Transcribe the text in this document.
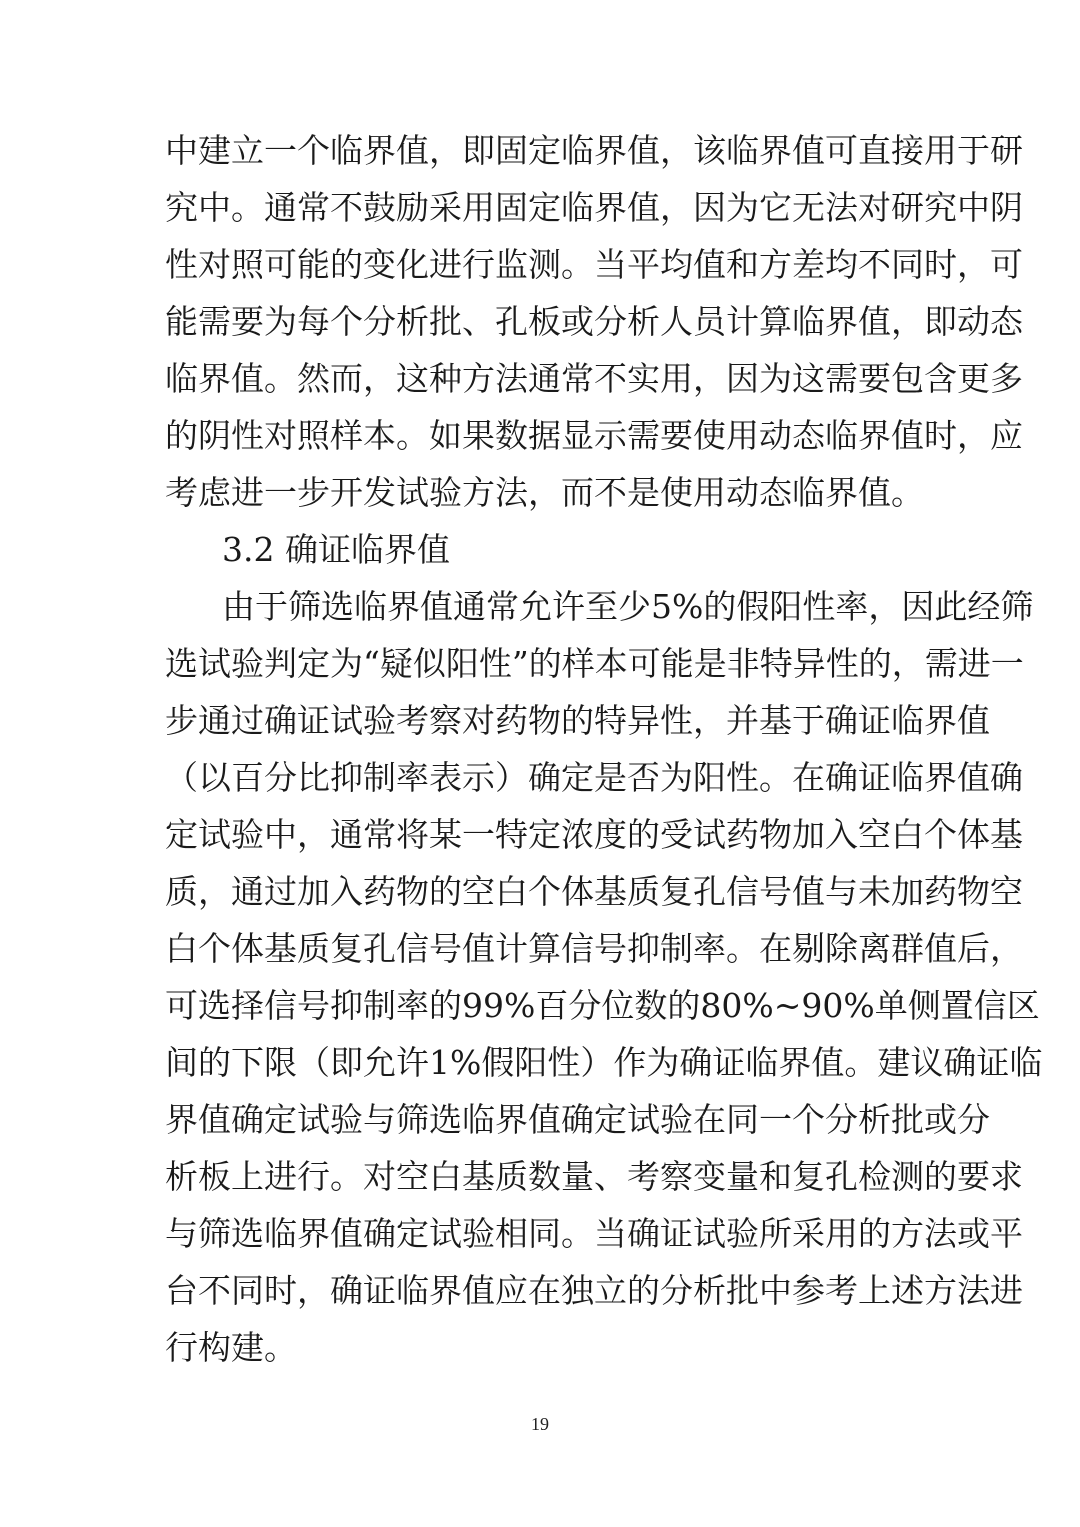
中建立一个临界值，即固定临界值，该临界值可直接用于研
究中。通常不鼓励采用固定临界值，因为它无法对研究中阴
性对照可能的变化进行监测。当平均值和方差均不同时，可
能需要为每个分析批、孔板或分析人员计算临界值，即动态
临界值。然而，这种方法通常不实用，因为这需要包含更多
的阴性对照样本。如果数据显示需要使用动态临界值时，应
考虑进一步开发试验方法，而不是使用动态临界值。
3.2 确证临界值
由于筛选临界值通常允许至少5%的假阳性率，因此经筛
选试验判定为“疑似阳性”的样本可能是非特异性的，需进一
步通过确证试验考察对药物的特异性，并基于确证临界值
（以百分比抑制率表示）确定是否为阳性。在确证临界值确
定试验中，通常将某一特定浓度的受试药物加入空白个体基
质，通过加入药物的空白个体基质复孔信号值与未加药物空
白个体基质复孔信号值计算信号抑制率。在剔除离群值后，
可选择信号抑制率的99%百分位数的80%~90%单侧置信区
间的下限（即允许1%假阳性）作为确证临界值。建议确证临
界值确定试验与筛选临界值确定试验在同一个分析批或分
析板上进行。对空白基质数量、考察变量和复孔检测的要求
与筛选临界值确定试验相同。当确证试验所采用的方法或平
台不同时，确证临界值应在独立的分析批中参考上述方法进
行构建。
19
